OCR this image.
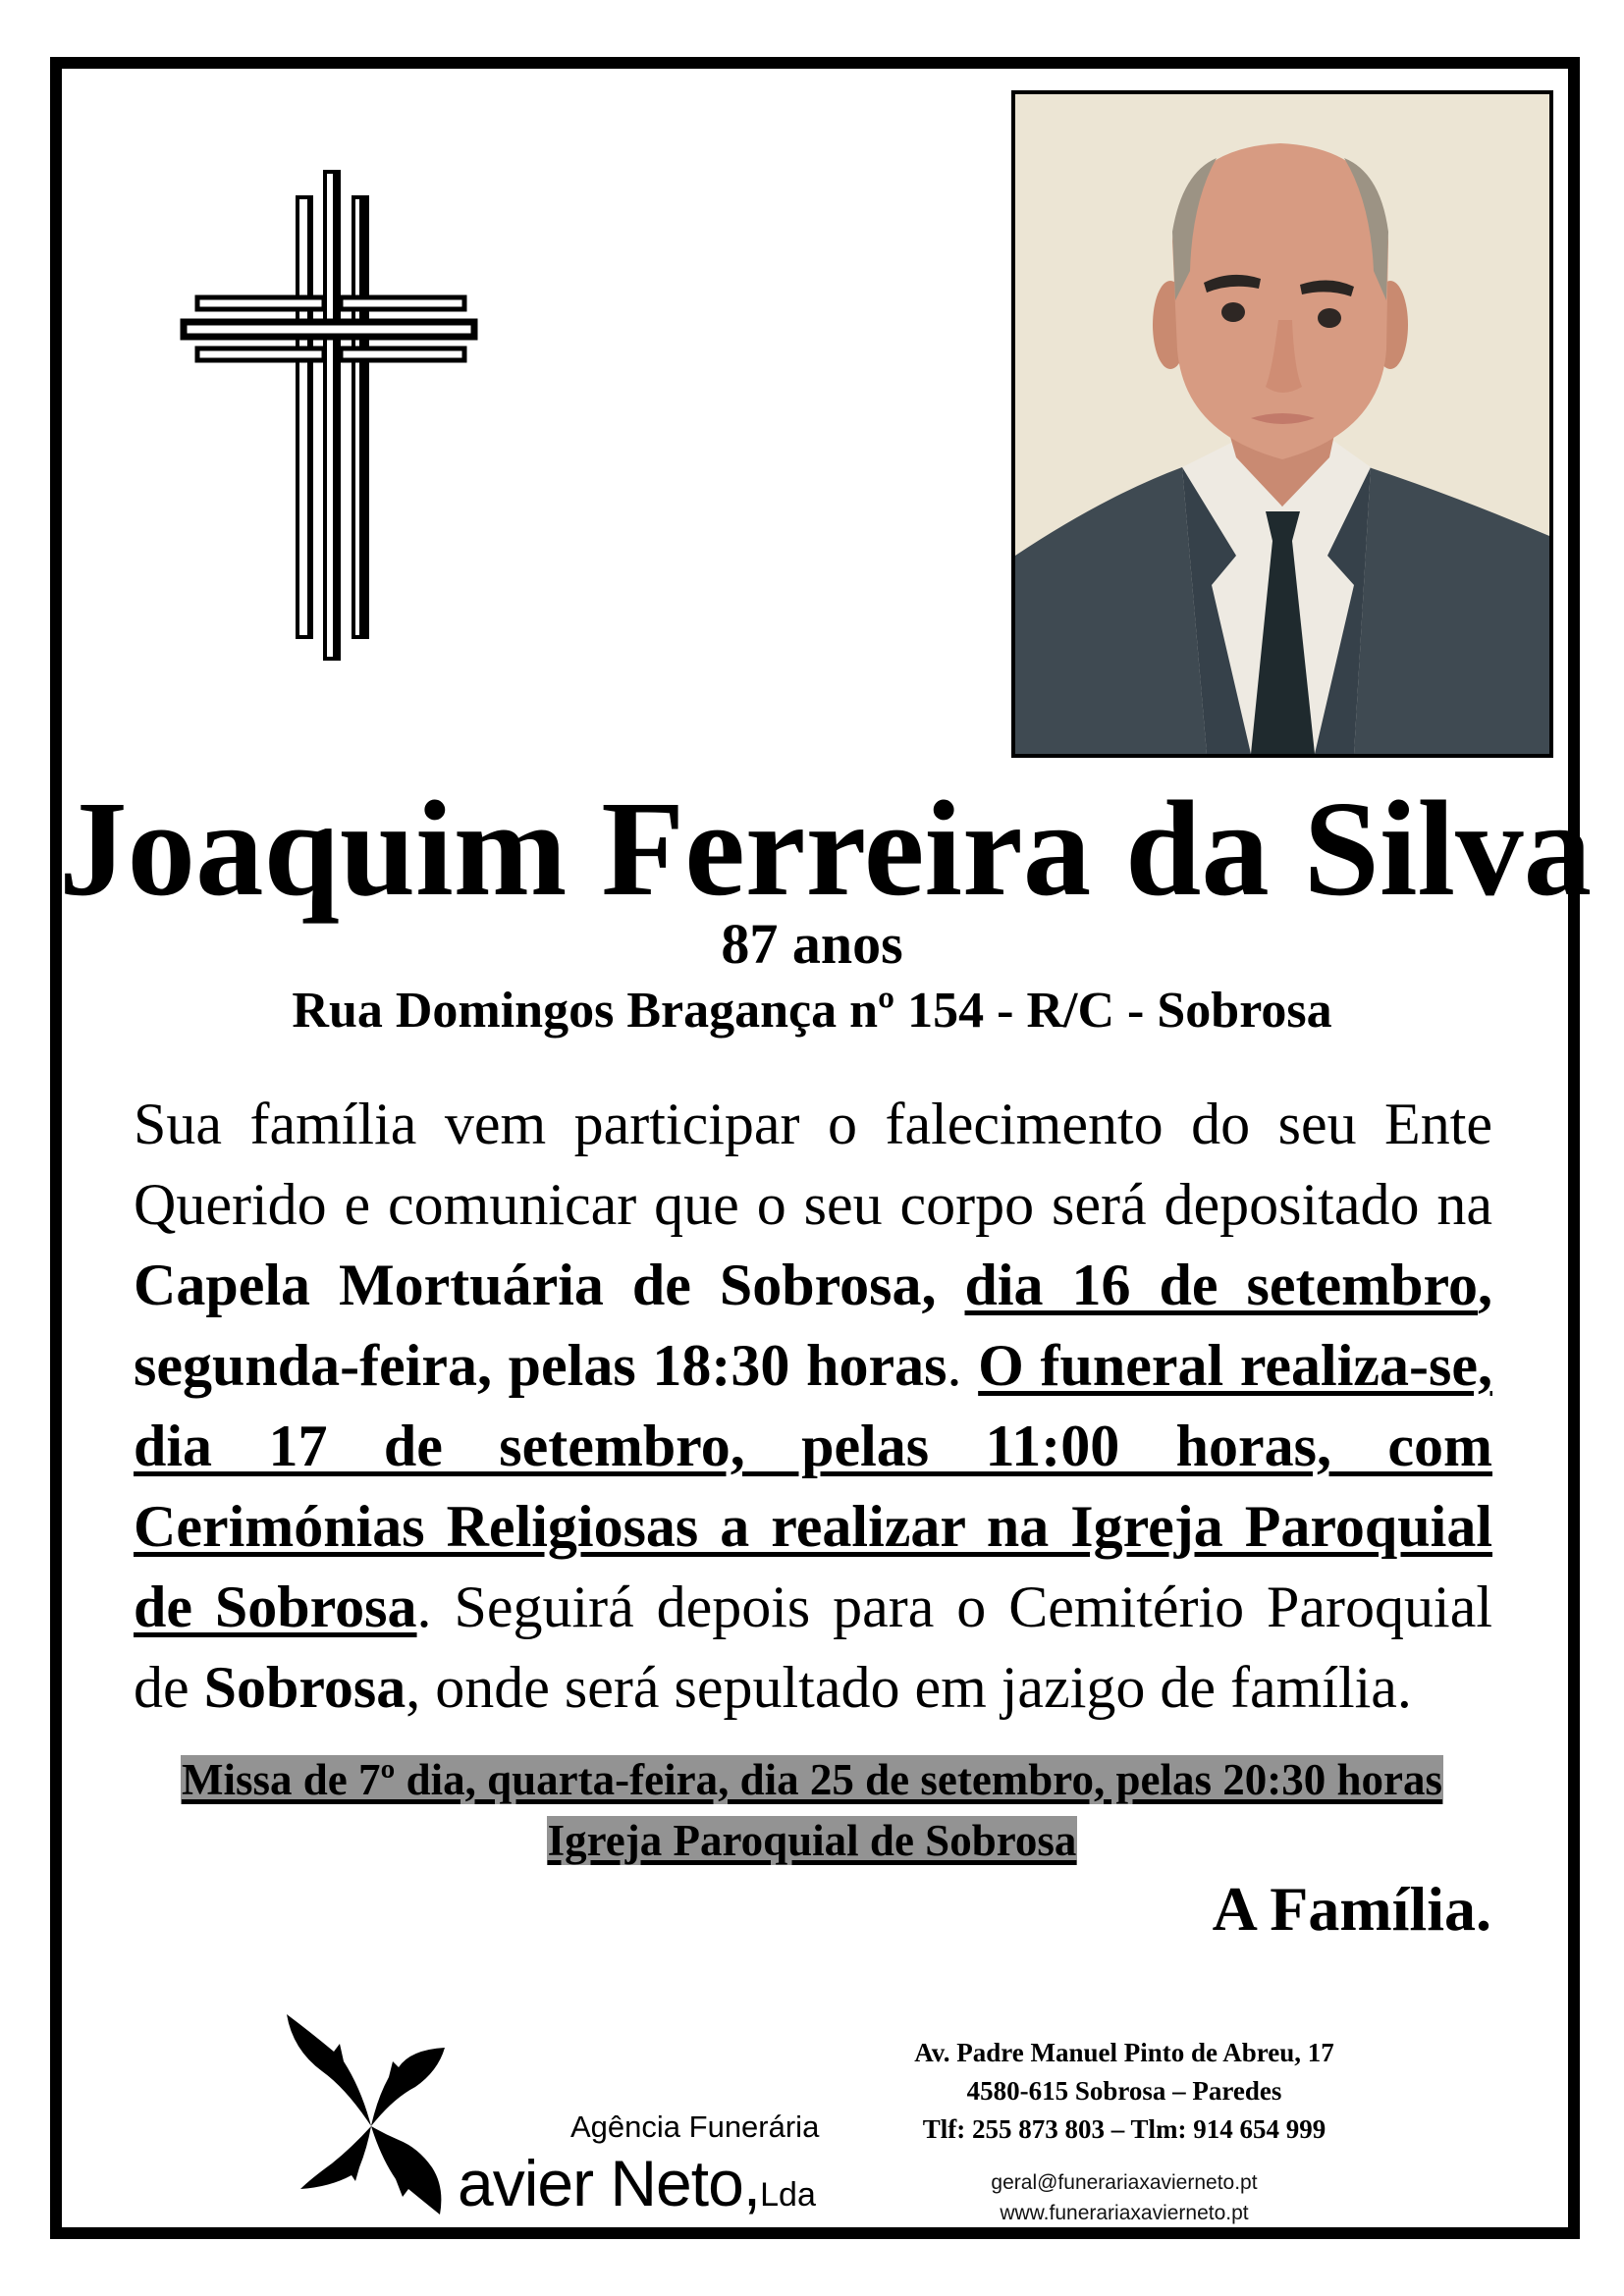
Joaquim Ferreira da Silva
87 anos
Rua Domingos Bragança nº 154 - R/C - Sobrosa
Sua família vem participar o falecimento do seu Ente Querido e comunicar que o seu corpo será depositado na Capela Mortuária de Sobrosa, dia 16 de setembro, segunda-feira, pelas 18:30 horas. O funeral realiza-se, dia 17 de setembro, pelas 11:00 horas, com Cerimónias Religiosas a realizar na Igreja Paroquial de Sobrosa. Seguirá depois para o Cemitério Paroquial de Sobrosa, onde será sepultado em jazigo de família.
Missa de 7º dia, quarta-feira, dia 25 de setembro, pelas 20:30 horas
Igreja Paroquial de Sobrosa
A Família.
Agência Funerária
avier Neto,Lda
Av. Padre Manuel Pinto de Abreu, 17
4580-615 Sobrosa – Paredes
Tlf: 255 873 803 – Tlm: 914 654 999
geral@funerariaxavierneto.pt
www.funerariaxavierneto.pt
